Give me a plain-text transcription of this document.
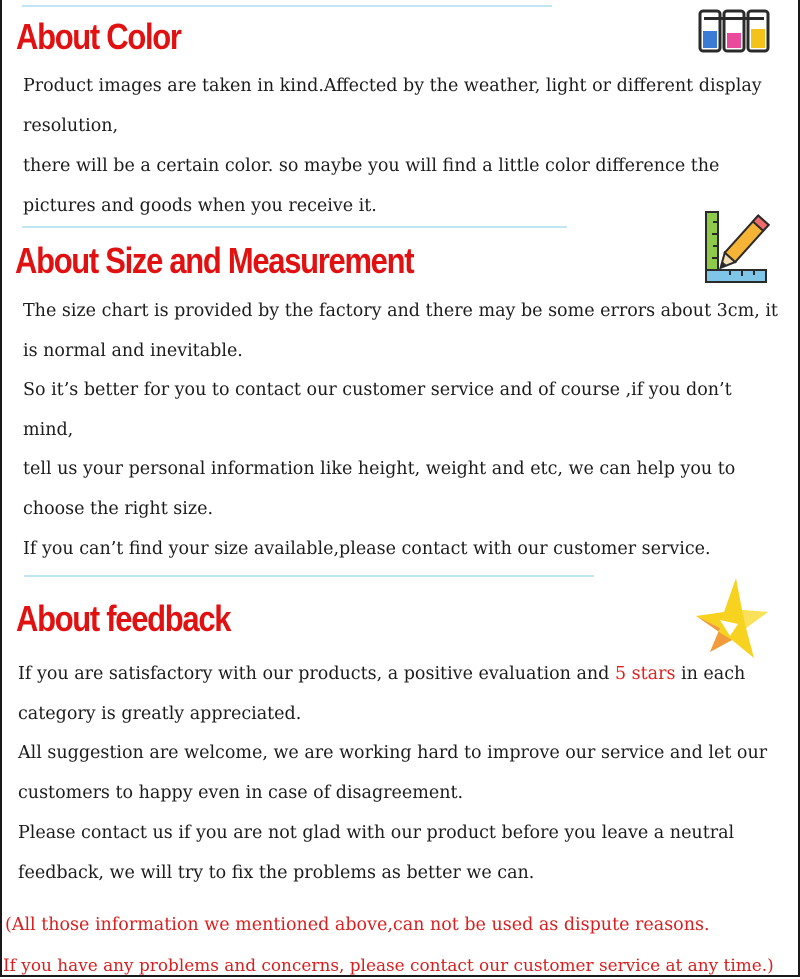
About Color
Product images are taken in kind.Affected by the weather, light or different display
resolution,
there will be a certain color. so maybe you will find a little color difference the
pictures and goods when you receive it.
About Size and Measurement
The size chart is provided by the factory and there may be some errors about 3cm, it
is normal and inevitable.
So it’s better for you to contact our customer service and of course ,if you don’t
mind,
tell us your personal information like height, weight and etc, we can help you to
choose the right size.
If you can’t find your size available,please contact with our customer service.
About feedback
If you are satisfactory with our products, a positive evaluation and 5 stars in each
category is greatly appreciated.
All suggestion are welcome, we are working hard to improve our service and let our
customers to happy even in case of disagreement.
Please contact us if you are not glad with our product before you leave a neutral
feedback, we will try to fix the problems as better we can.
(All those information we mentioned above,can not be used as dispute reasons.
If you have any problems and concerns, please contact our customer service at any time.)
